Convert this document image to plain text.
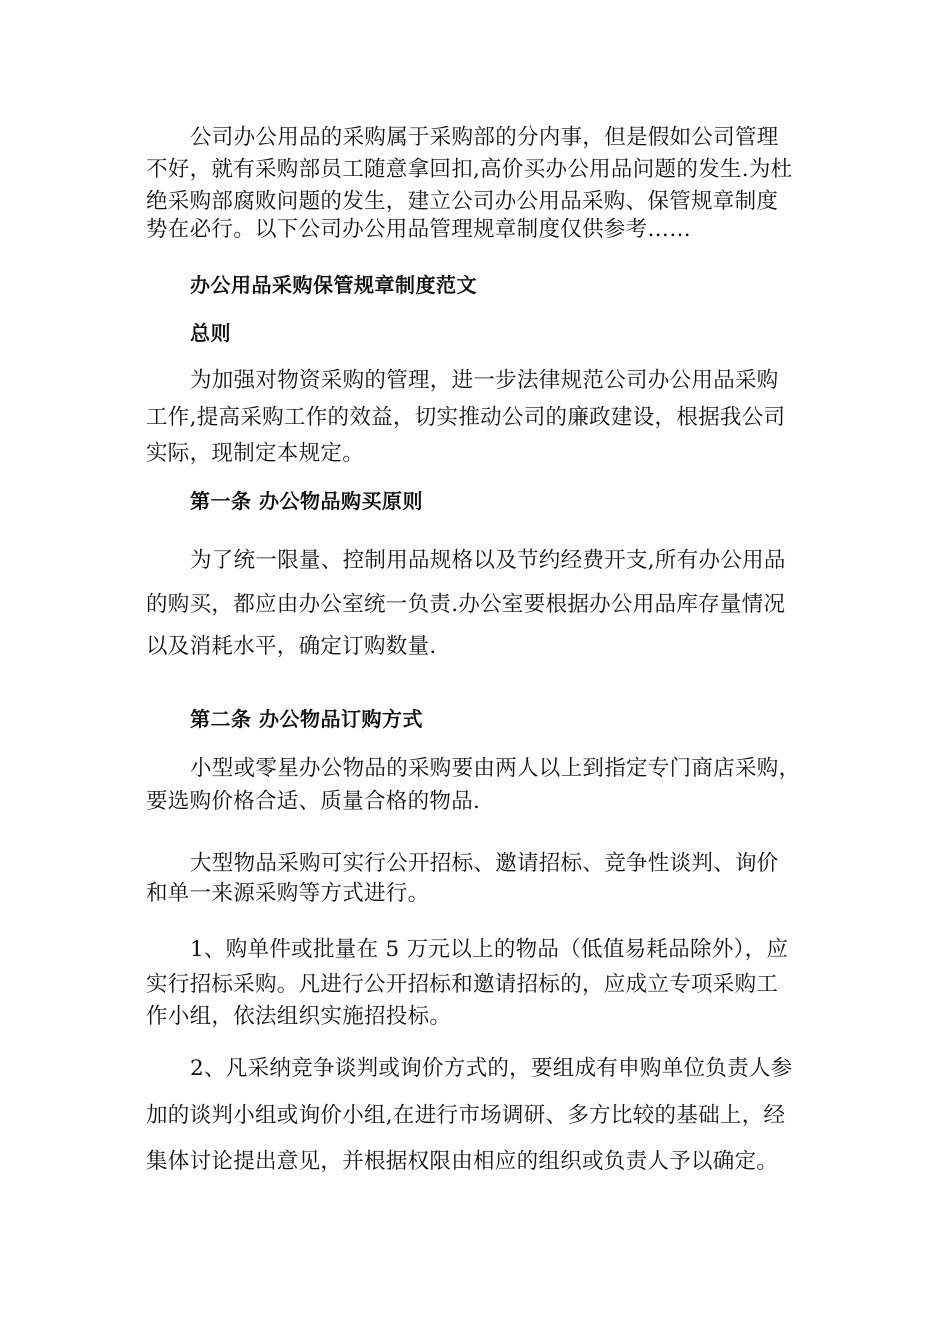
公司办公用品的采购属于采购部的分内事，但是假如公司管理
不好，就有采购部员工随意拿回扣,高价买办公用品问题的发生.为杜
绝采购部腐败问题的发生，建立公司办公用品采购、保管规章制度
势在必行。以下公司办公用品管理规章制度仅供参考……
办公用品采购保管规章制度范文
总则
为加强对物资采购的管理，进一步法律规范公司办公用品采购
工作,提高采购工作的效益，切实推动公司的廉政建设，根据我公司
实际，现制定本规定。
第一条 办公物品购买原则
为了统一限量、控制用品规格以及节约经费开支,所有办公用品
的购买，都应由办公室统一负责.办公室要根据办公用品库存量情况
以及消耗水平，确定订购数量.
第二条 办公物品订购方式
小型或零星办公物品的采购要由两人以上到指定专门商店采购，
要选购价格合适、质量合格的物品.
大型物品采购可实行公开招标、邀请招标、竞争性谈判、询价
和单一来源采购等方式进行。
1、购单件或批量在 5 万元以上的物品（低值易耗品除外），应
实行招标采购。凡进行公开招标和邀请招标的，应成立专项采购工
作小组，依法组织实施招投标。
2、凡采纳竞争谈判或询价方式的，要组成有申购单位负责人参
加的谈判小组或询价小组,在进行市场调研、多方比较的基础上，经
集体讨论提出意见，并根据权限由相应的组织或负责人予以确定。
